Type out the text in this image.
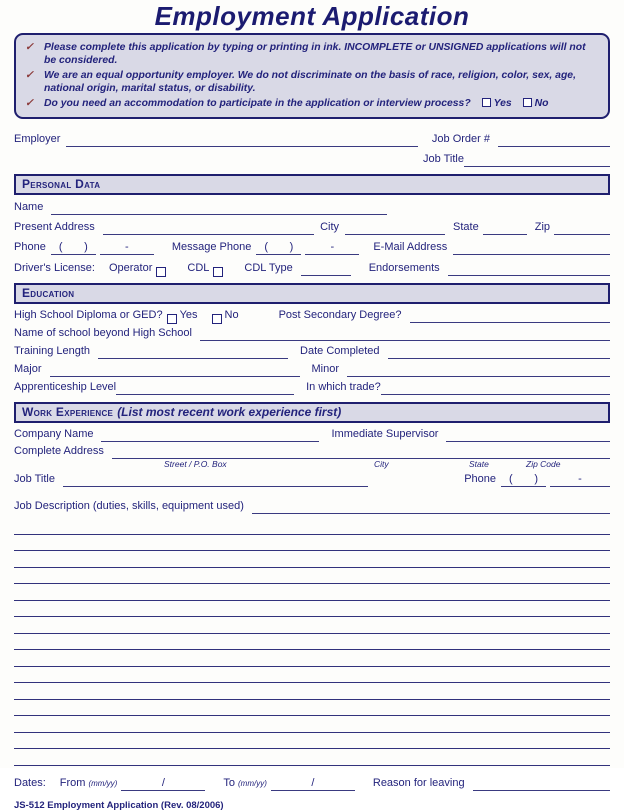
Employment Application
✓ Please complete this application by typing or printing in ink. INCOMPLETE or UNSIGNED applications will not be considered.
✓ We are an equal opportunity employer. We do not discriminate on the basis of race, religion, color, sex, age, national origin, marital status, or disability.
✓ Do you need an accommodation to participate in the application or interview process? Yes No
Employer	Job Order #
Job Title
Personal Data
Name
Present Address	City	State	Zip
Phone ( )	-	Message Phone ( )	-	E-Mail Address
Driver's License: Operator	CDL	CDL Type	Endorsements
Education
High School Diploma or GED? Yes No	Post Secondary Degree?
Name of school beyond High School
Training Length	Date Completed
Major	Minor
Apprenticeship Level	In which trade?
Work Experience (List most recent work experience first)
Company Name	Immediate Supervisor
Complete Address
Street / P.O. Box	City	State	Zip Code
Job Title	Phone ( )	-
Job Description (duties, skills, equipment used)
Dates: From (mm/yy)	/	To (mm/yy)	/	Reason for leaving
JS-512 Employment Application (Rev. 08/2006)
